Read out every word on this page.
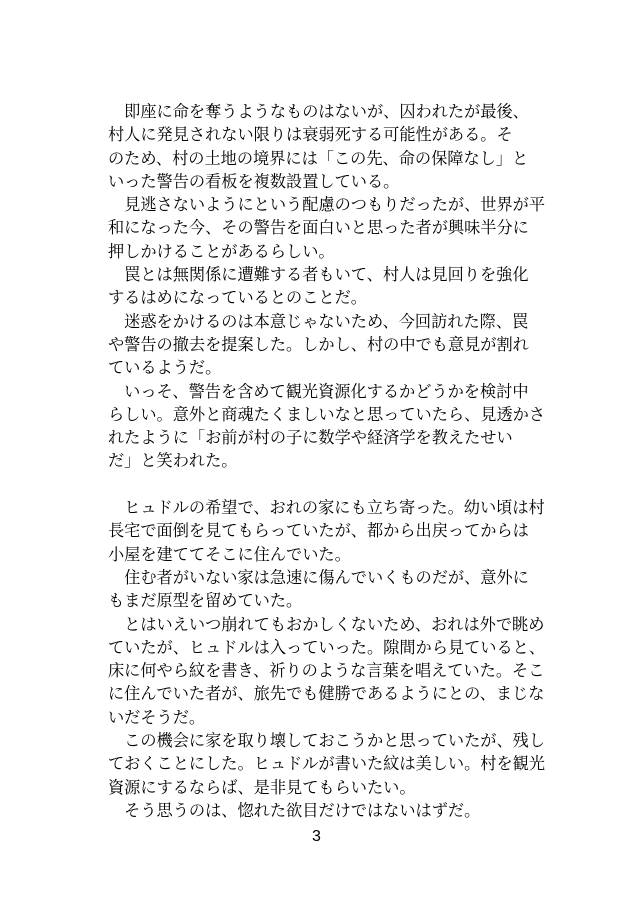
　即座に命を奪うようなものはないが、囚われたが最後、
村人に発見されない限りは衰弱死する可能性がある。そ
のため、村の土地の境界には「この先、命の保障なし」と
いった警告の看板を複数設置している。
　見逃さないようにという配慮のつもりだったが、世界が平
和になった今、その警告を面白いと思った者が興味半分に
押しかけることがあるらしい。
　罠とは無関係に遭難する者もいて、村人は見回りを強化
するはめになっているとのことだ。
　迷惑をかけるのは本意じゃないため、今回訪れた際、罠
や警告の撤去を提案した。しかし、村の中でも意見が割れ
ているようだ。
　いっそ、警告を含めて観光資源化するかどうかを検討中
らしい。意外と商魂たくましいなと思っていたら、見透かさ
れたように「お前が村の子に数学や経済学を教えたせい
だ」と笑われた。
　ヒュドルの希望で、おれの家にも立ち寄った。幼い頃は村
長宅で面倒を見てもらっていたが、都から出戻ってからは
小屋を建ててそこに住んでいた。
　住む者がいない家は急速に傷んでいくものだが、意外に
もまだ原型を留めていた。
　とはいえいつ崩れてもおかしくないため、おれは外で眺め
ていたが、ヒュドルは入っていった。隙間から見ていると、
床に何やら紋を書き、祈りのような言葉を唱えていた。そこ
に住んでいた者が、旅先でも健勝であるようにとの、まじな
いだそうだ。
　この機会に家を取り壊しておこうかと思っていたが、残し
ておくことにした。ヒュドルが書いた紋は美しい。村を観光
資源にするならば、是非見てもらいたい。
　そう思うのは、惚れた欲目だけではないはずだ。
3
